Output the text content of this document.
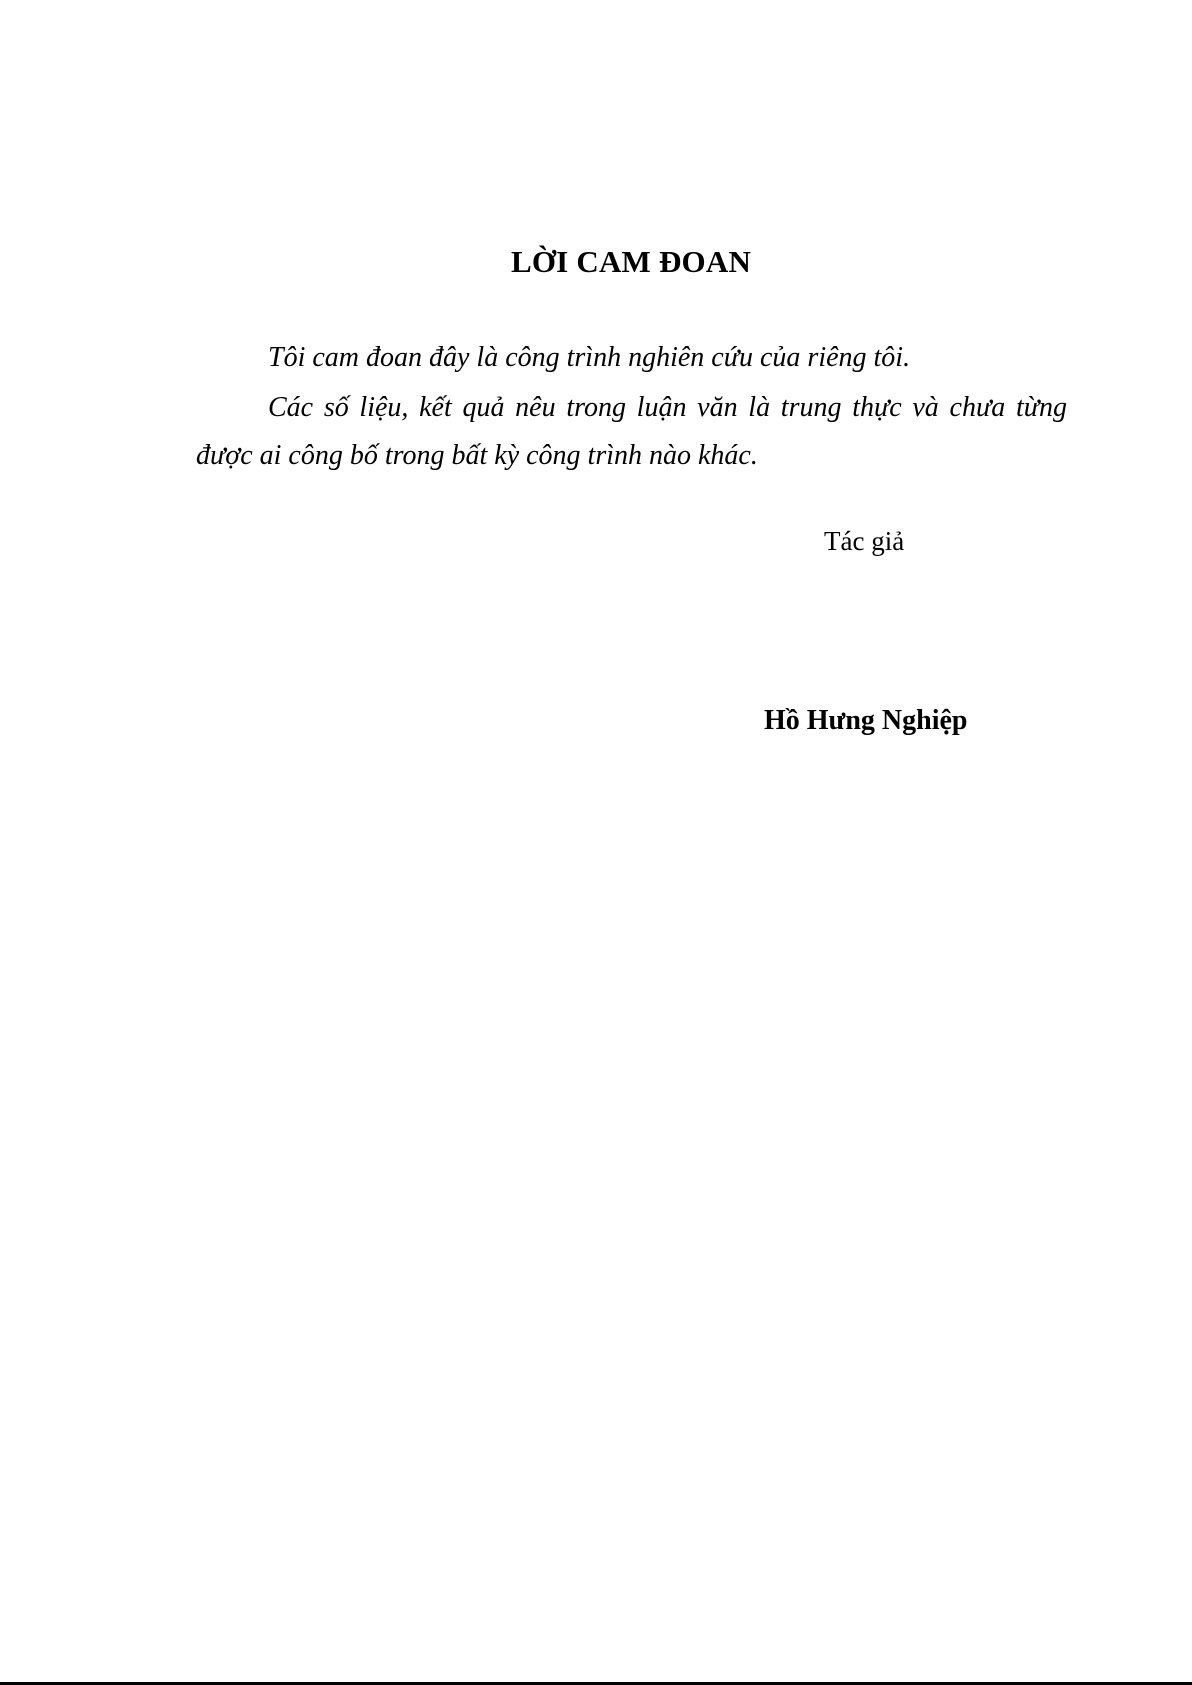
LỜI CAM ĐOAN
Tôi cam đoan đây là công trình nghiên cứu của riêng tôi.
Các số liệu, kết quả nêu trong luận văn là trung thực và chưa từng được ai công bố trong bất kỳ công trình nào khác.
Tác giả
Hồ Hưng Nghiệp
